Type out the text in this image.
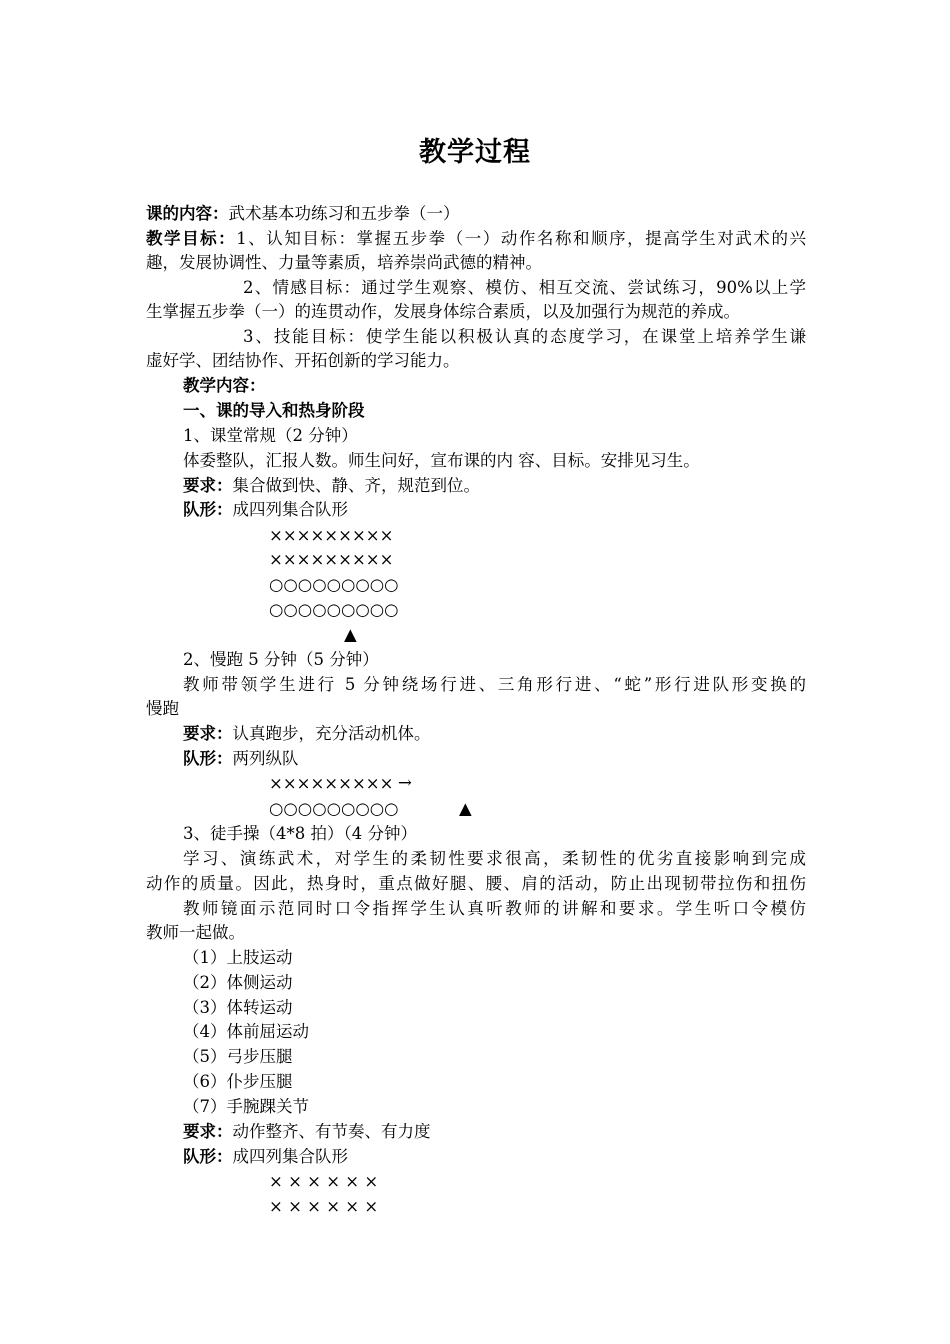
教学过程
课的内容：武术基本功练习和五步拳（一）
教学目标：1、认知目标：掌握五步拳（一）动作名称和顺序，提高学生对武术的兴
趣，发展协调性、力量等素质，培养崇尚武德的精神。
2、情感目标：通过学生观察、模仿、相互交流、尝试练习，90%以上学
生掌握五步拳（一）的连贯动作，发展身体综合素质，以及加强行为规范的养成。
3、技能目标：使学生能以积极认真的态度学习，在课堂上培养学生谦
虚好学、团结协作、开拓创新的学习能力。
教学内容：
一、课的导入和热身阶段
1、课堂常规（2 分钟）
体委整队，汇报人数。师生问好，宣布课的内 容、目标。安排见习生。
要求：集合做到快、静、齐，规范到位。
队形：成四列集合队形
×××××××××
×××××××××
○○○○○○○○○
○○○○○○○○○
▲
2、慢跑 5 分钟（5 分钟）
教师带领学生进行 5 分钟绕场行进、三角形行进、“蛇”形行进队形变换的
慢跑
要求：认真跑步，充分活动机体。
队形：两列纵队
××××××××× →
○○○○○○○○○	▲
3、徒手操（4*8 拍）（4 分钟）
学习、演练武术，对学生的柔韧性要求很高，柔韧性的优劣直接影响到完成
动作的质量。因此，热身时，重点做好腿、腰、肩的活动，防止出现韧带拉伤和扭伤
教师镜面示范同时口令指挥学生认真听教师的讲解和要求。学生听口令模仿
教师一起做。
（1）上肢运动
（2）体侧运动
（3）体转运动
（4）体前屈运动
（5）弓步压腿
（6）仆步压腿
（7）手腕踝关节
要求：动作整齐、有节奏、有力度
队形：成四列集合队形
× × × × × ×
× × × × × ×
